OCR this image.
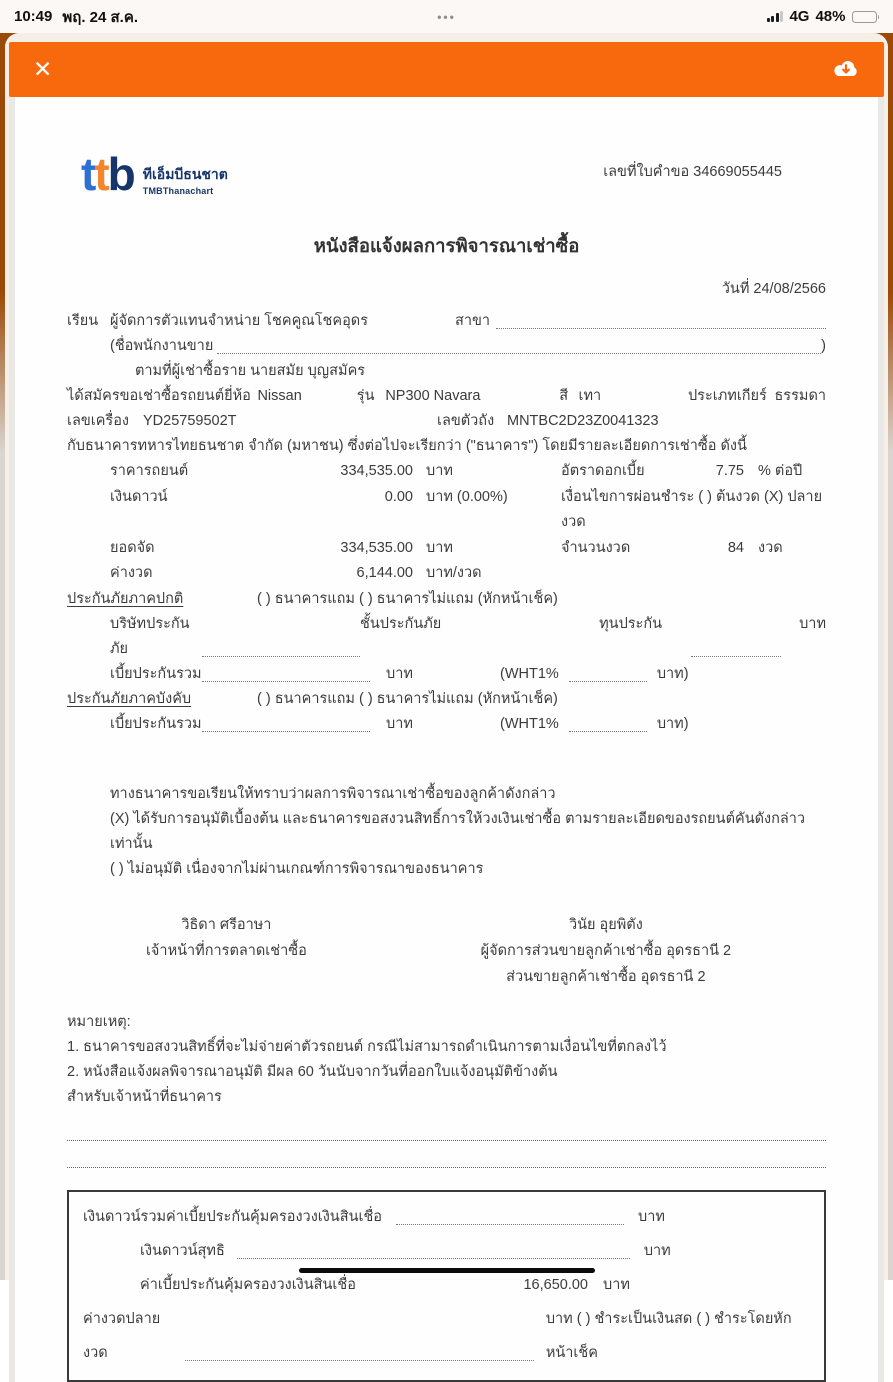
10:49 พฤ. 24 ส.ค.	•••	4G 48%
✕
ttb ทีเอ็มบีธนชาต
TMBThanachart
เลขที่ใบคำขอ 34669055445
หนังสือแจ้งผลการพิจารณาเช่าซื้อ
วันที่ 24/08/2566
เรียน ผู้จัดการตัวแทนจำหน่าย โชคคูณโชคอุดร	สาขา
(ชื่อพนักงานขาย	)
ตามที่ผู้เช่าซื้อราย นายสมัย บุญสมัคร
ได้สมัครขอเช่าซื้อรถยนต์ยี่ห้อ Nissan	รุ่น NP300 Navara	สี เทา	ประเภทเกียร์ ธรรมดา
เลขเครื่อง YD25759502T	เลขตัวถัง MNTBC2D23Z0041323
กับธนาคารทหารไทยธนชาต จำกัด (มหาชน) ซึ่งต่อไปจะเรียกว่า ("ธนาคาร") โดยมีรายละเอียดการเช่าซื้อ ดังนี้
ราคารถยนต์	334,535.00 บาท	อัตราดอกเบี้ย	7.75 % ต่อปี
เงินดาวน์	0.00 บาท (0.00%)	เงื่อนไขการผ่อนชำระ ( ) ต้นงวด (X) ปลายงวด
ยอดจัด	334,535.00 บาท	จำนวนงวด	84 งวด
ค่างวด	6,144.00 บาท/งวด
ประกันภัยภาคปกติ	( ) ธนาคารแถม ( ) ธนาคารไม่แถม (หักหน้าเช็ค)
บริษัทประกันภัย
ชั้นประกันภัย	ทุนประกัน	บาท
เบี้ยประกันรวม	บาท	(WHT1%	บาท)
ประกันภัยภาคบังคับ	( ) ธนาคารแถม ( ) ธนาคารไม่แถม (หักหน้าเช็ค)
เบี้ยประกันรวม	บาท	(WHT1%	บาท)
ทางธนาคารขอเรียนให้ทราบว่าผลการพิจารณาเช่าซื้อของลูกค้าดังกล่าว
(X) ได้รับการอนุมัติเบื้องต้น และธนาคารขอสงวนสิทธิ์การให้วงเงินเช่าซื้อ ตามรายละเอียดของรถยนต์คันดังกล่าว เท่านั้น
( ) ไม่อนุมัติ เนื่องจากไม่ผ่านเกณฑ์การพิจารณาของธนาคาร
วิธิดา ศรีอาษา
เจ้าหน้าที่การตลาดเช่าซื้อ
วินัย อุยพิตัง
ผู้จัดการส่วนขายลูกค้าเช่าซื้อ อุดรธานี 2
ส่วนขายลูกค้าเช่าซื้อ อุดรธานี 2
หมายเหตุ:
1. ธนาคารขอสงวนสิทธิ์ที่จะไม่จ่ายค่าตัวรถยนต์ กรณีไม่สามารถดำเนินการตามเงื่อนไขที่ตกลงไว้
2. หนังสือแจ้งผลพิจารณาอนุมัติ มีผล 60 วันนับจากวันที่ออกใบแจ้งอนุมัติข้างต้น
สำหรับเจ้าหน้าที่ธนาคาร
เงินดาวน์รวมค่าเบี้ยประกันคุ้มครองวงเงินสินเชื่อ	บาท
เงินดาวน์สุทธิ	บาท
ค่าเบี้ยประกันคุ้มครองวงเงินสินเชื่อ	16,650.00 บาท
ค่างวดปลายงวด
บาท ( ) ชำระเป็นเงินสด ( ) ชำระโดยหักหน้าเช็ค
